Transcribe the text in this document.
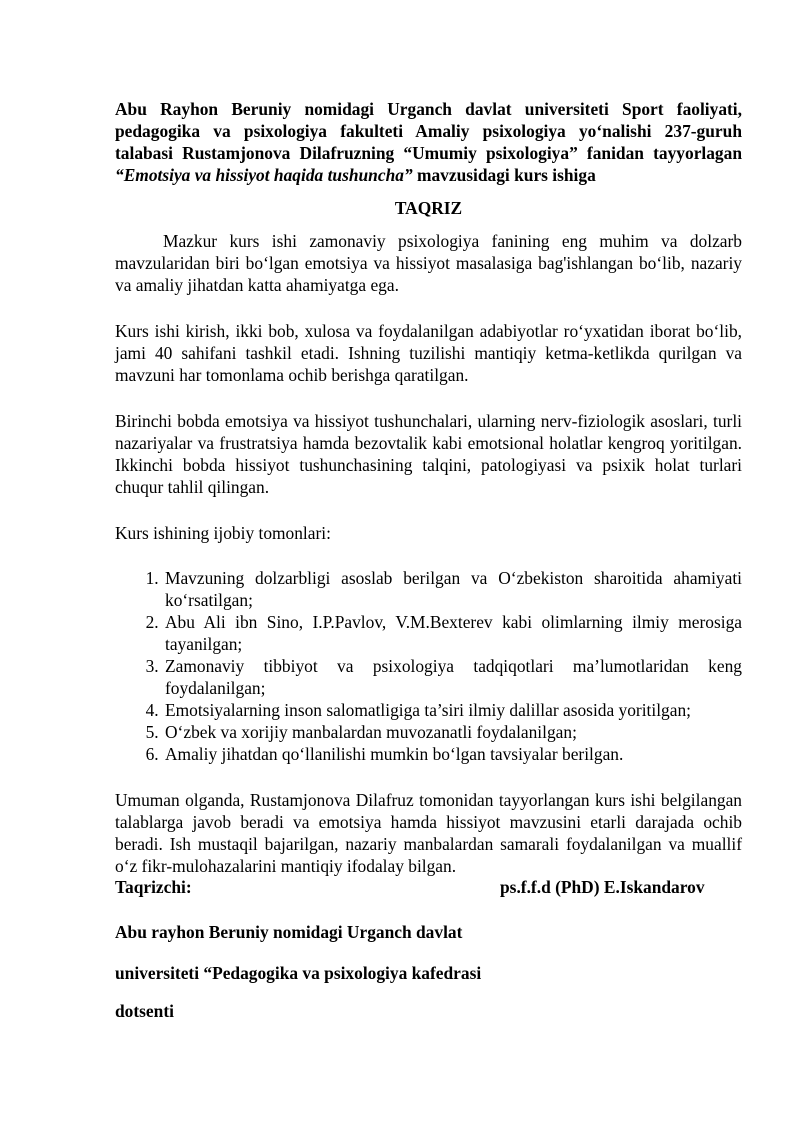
Abu Rayhon Beruniy nomidagi Urganch davlat universiteti Sport faoliyati, pedagogika va psixologiya fakulteti Amaliy psixologiya yo‘nalishi 237-guruh talabasi Rustamjonova Dilafruzning “Umumiy psixologiya” fanidan tayyorlagan “Emotsiya va hissiyot haqida tushuncha” mavzusidagi kurs ishiga

TAQRIZ

Mazkur kurs ishi zamonaviy psixologiya fanining eng muhim va dolzarb mavzularidan biri bo‘lgan emotsiya va hissiyot masalasiga bag'ishlangan bo‘lib, nazariy va amaliy jihatdan katta ahamiyatga ega.

Kurs ishi kirish, ikki bob, xulosa va foydalanilgan adabiyotlar ro‘yxatidan iborat bo‘lib, jami 40 sahifani tashkil etadi. Ishning tuzilishi mantiqiy ketma-ketlikda qurilgan va mavzuni har tomonlama ochib berishga qaratilgan.

Birinchi bobda emotsiya va hissiyot tushunchalari, ularning nerv-fiziologik asoslari, turli nazariyalar va frustratsiya hamda bezovtalik kabi emotsional holatlar kengroq yoritilgan. Ikkinchi bobda hissiyot tushunchasining talqini, patologiyasi va psixik holat turlari chuqur tahlil qilingan.

Kurs ishining ijobiy tomonlari:

1. Mavzuning dolzarbligi asoslab berilgan va O‘zbekiston sharoitida ahamiyati ko‘rsatilgan;
2. Abu Ali ibn Sino, I.P.Pavlov, V.M.Bexterev kabi olimlarning ilmiy merosiga tayanilgan;
3. Zamonaviy tibbiyot va psixologiya tadqiqotlari ma’lumotlaridan keng foydalanilgan;
4. Emotsiyalarning inson salomatligiga ta’siri ilmiy dalillar asosida yoritilgan;
5. O‘zbek va xorijiy manbalardan muvozanatli foydalanilgan;
6. Amaliy jihatdan qo‘llanilishi mumkin bo‘lgan tavsiyalar berilgan.

Umuman olganda, Rustamjonova Dilafruz tomonidan tayyorlangan kurs ishi belgilangan talablarga javob beradi va emotsiya hamda hissiyot mavzusini etarli darajada ochib beradi. Ish mustaqil bajarilgan, nazariy manbalardan samarali foydalanilgan va muallif o‘z fikr-mulohazalarini mantiqiy ifodalay bilgan.

Taqrizchi:	ps.f.f.d (PhD) E.Iskandarov
Abu rayhon Beruniy nomidagi Urganch davlat
universiteti “Pedagogika va psixologiya kafedrasi
dotsenti
